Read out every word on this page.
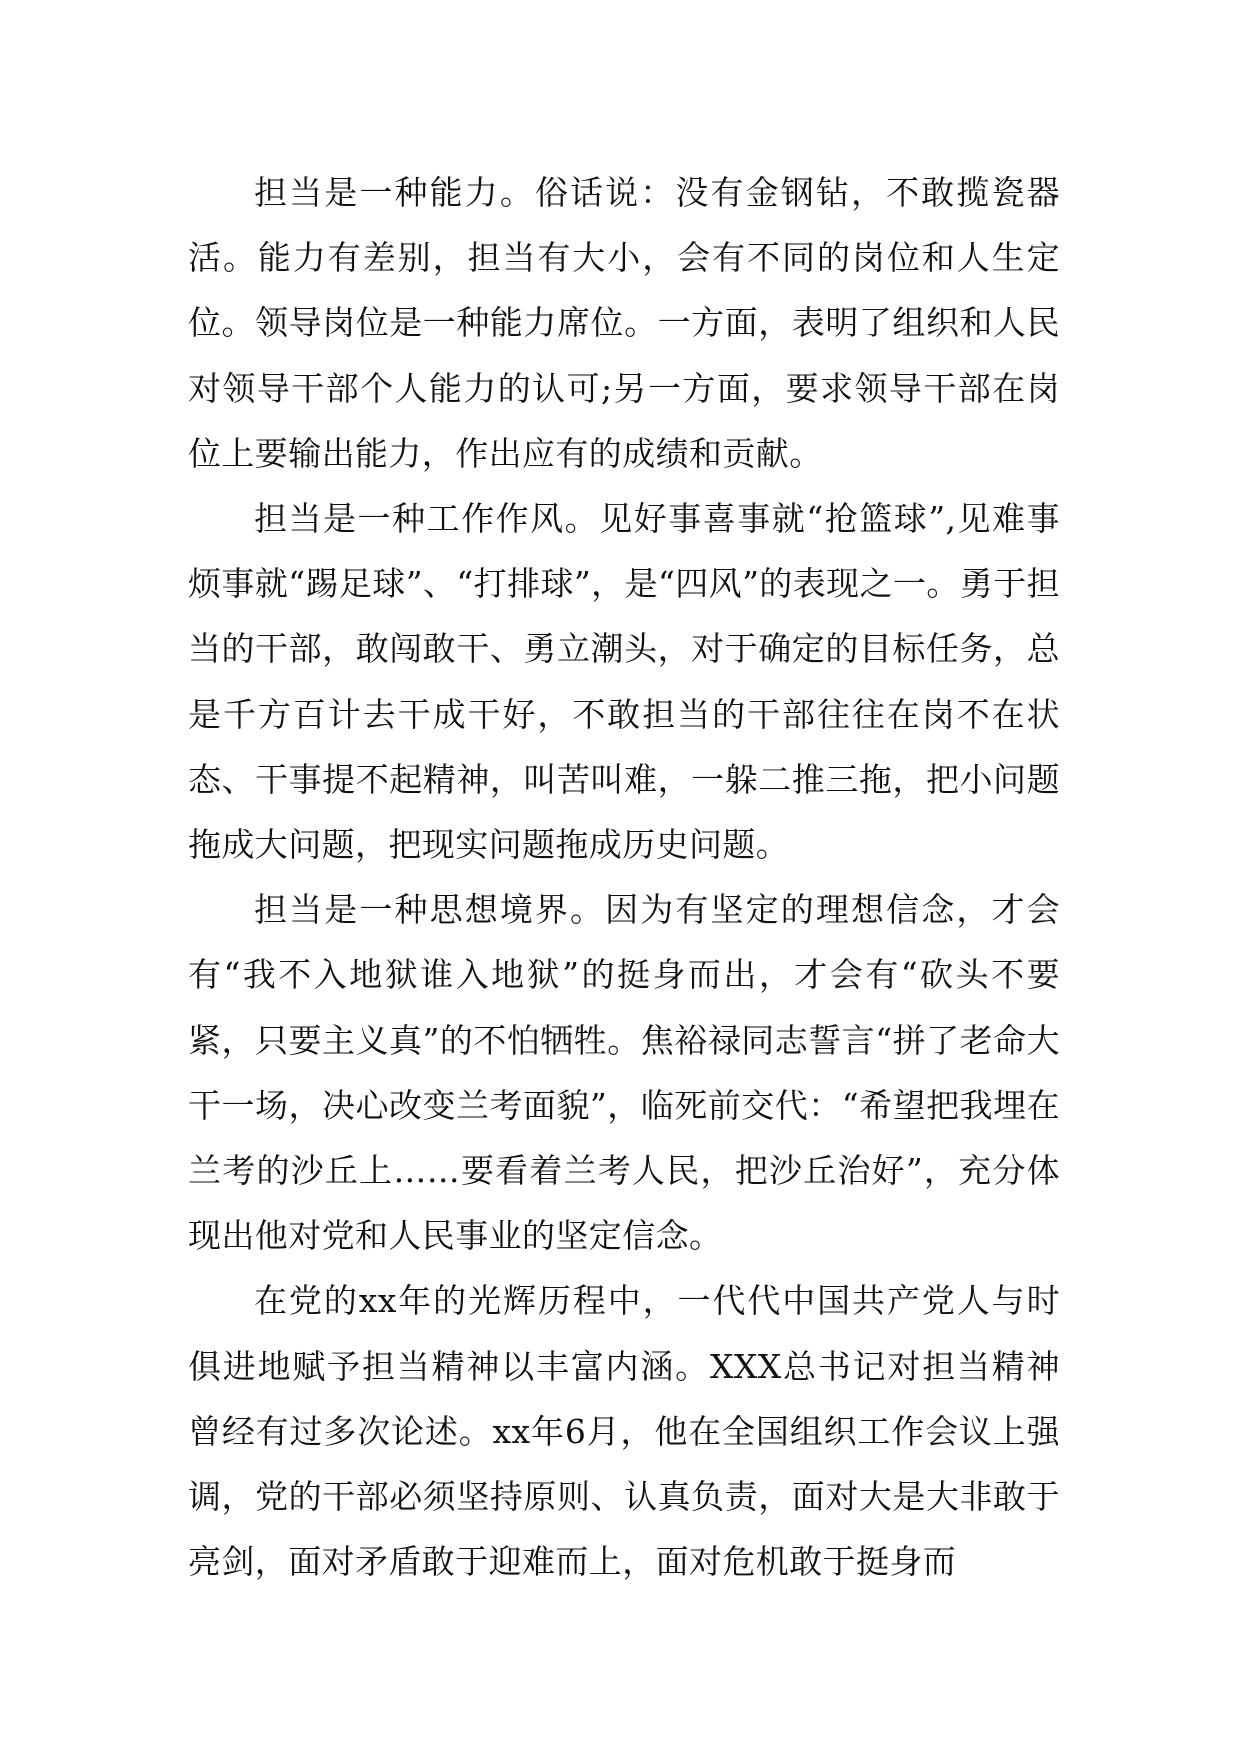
担当是一种能力。俗话说：没有金钢钻，不敢揽瓷器活。能力有差别，担当有大小，会有不同的岗位和人生定位。领导岗位是一种能力席位。一方面，表明了组织和人民对领导干部个人能力的认可;另一方面，要求领导干部在岗位上要输出能力，作出应有的成绩和贡献。

担当是一种工作作风。见好事喜事就“抢篮球”,见难事烦事就“踢足球”、“打排球”，是“四风”的表现之一。勇于担当的干部，敢闯敢干、勇立潮头，对于确定的目标任务，总是千方百计去干成干好，不敢担当的干部往往在岗不在状态、干事提不起精神，叫苦叫难，一躲二推三拖，把小问题拖成大问题，把现实问题拖成历史问题。

担当是一种思想境界。因为有坚定的理想信念，才会有“我不入地狱谁入地狱”的挺身而出，才会有“砍头不要紧，只要主义真”的不怕牺牲。焦裕禄同志誓言“拼了老命大干一场，决心改变兰考面貌”，临死前交代：“希望把我埋在兰考的沙丘上……要看着兰考人民，把沙丘治好”，充分体现出他对党和人民事业的坚定信念。

在党的xx年的光辉历程中，一代代中国共产党人与时俱进地赋予担当精神以丰富内涵。XXX总书记对担当精神曾经有过多次论述。xx年6月，他在全国组织工作会议上强调，党的干部必须坚持原则、认真负责，面对大是大非敢于亮剑，面对矛盾敢于迎难而上，面对危机敢于挺身而
